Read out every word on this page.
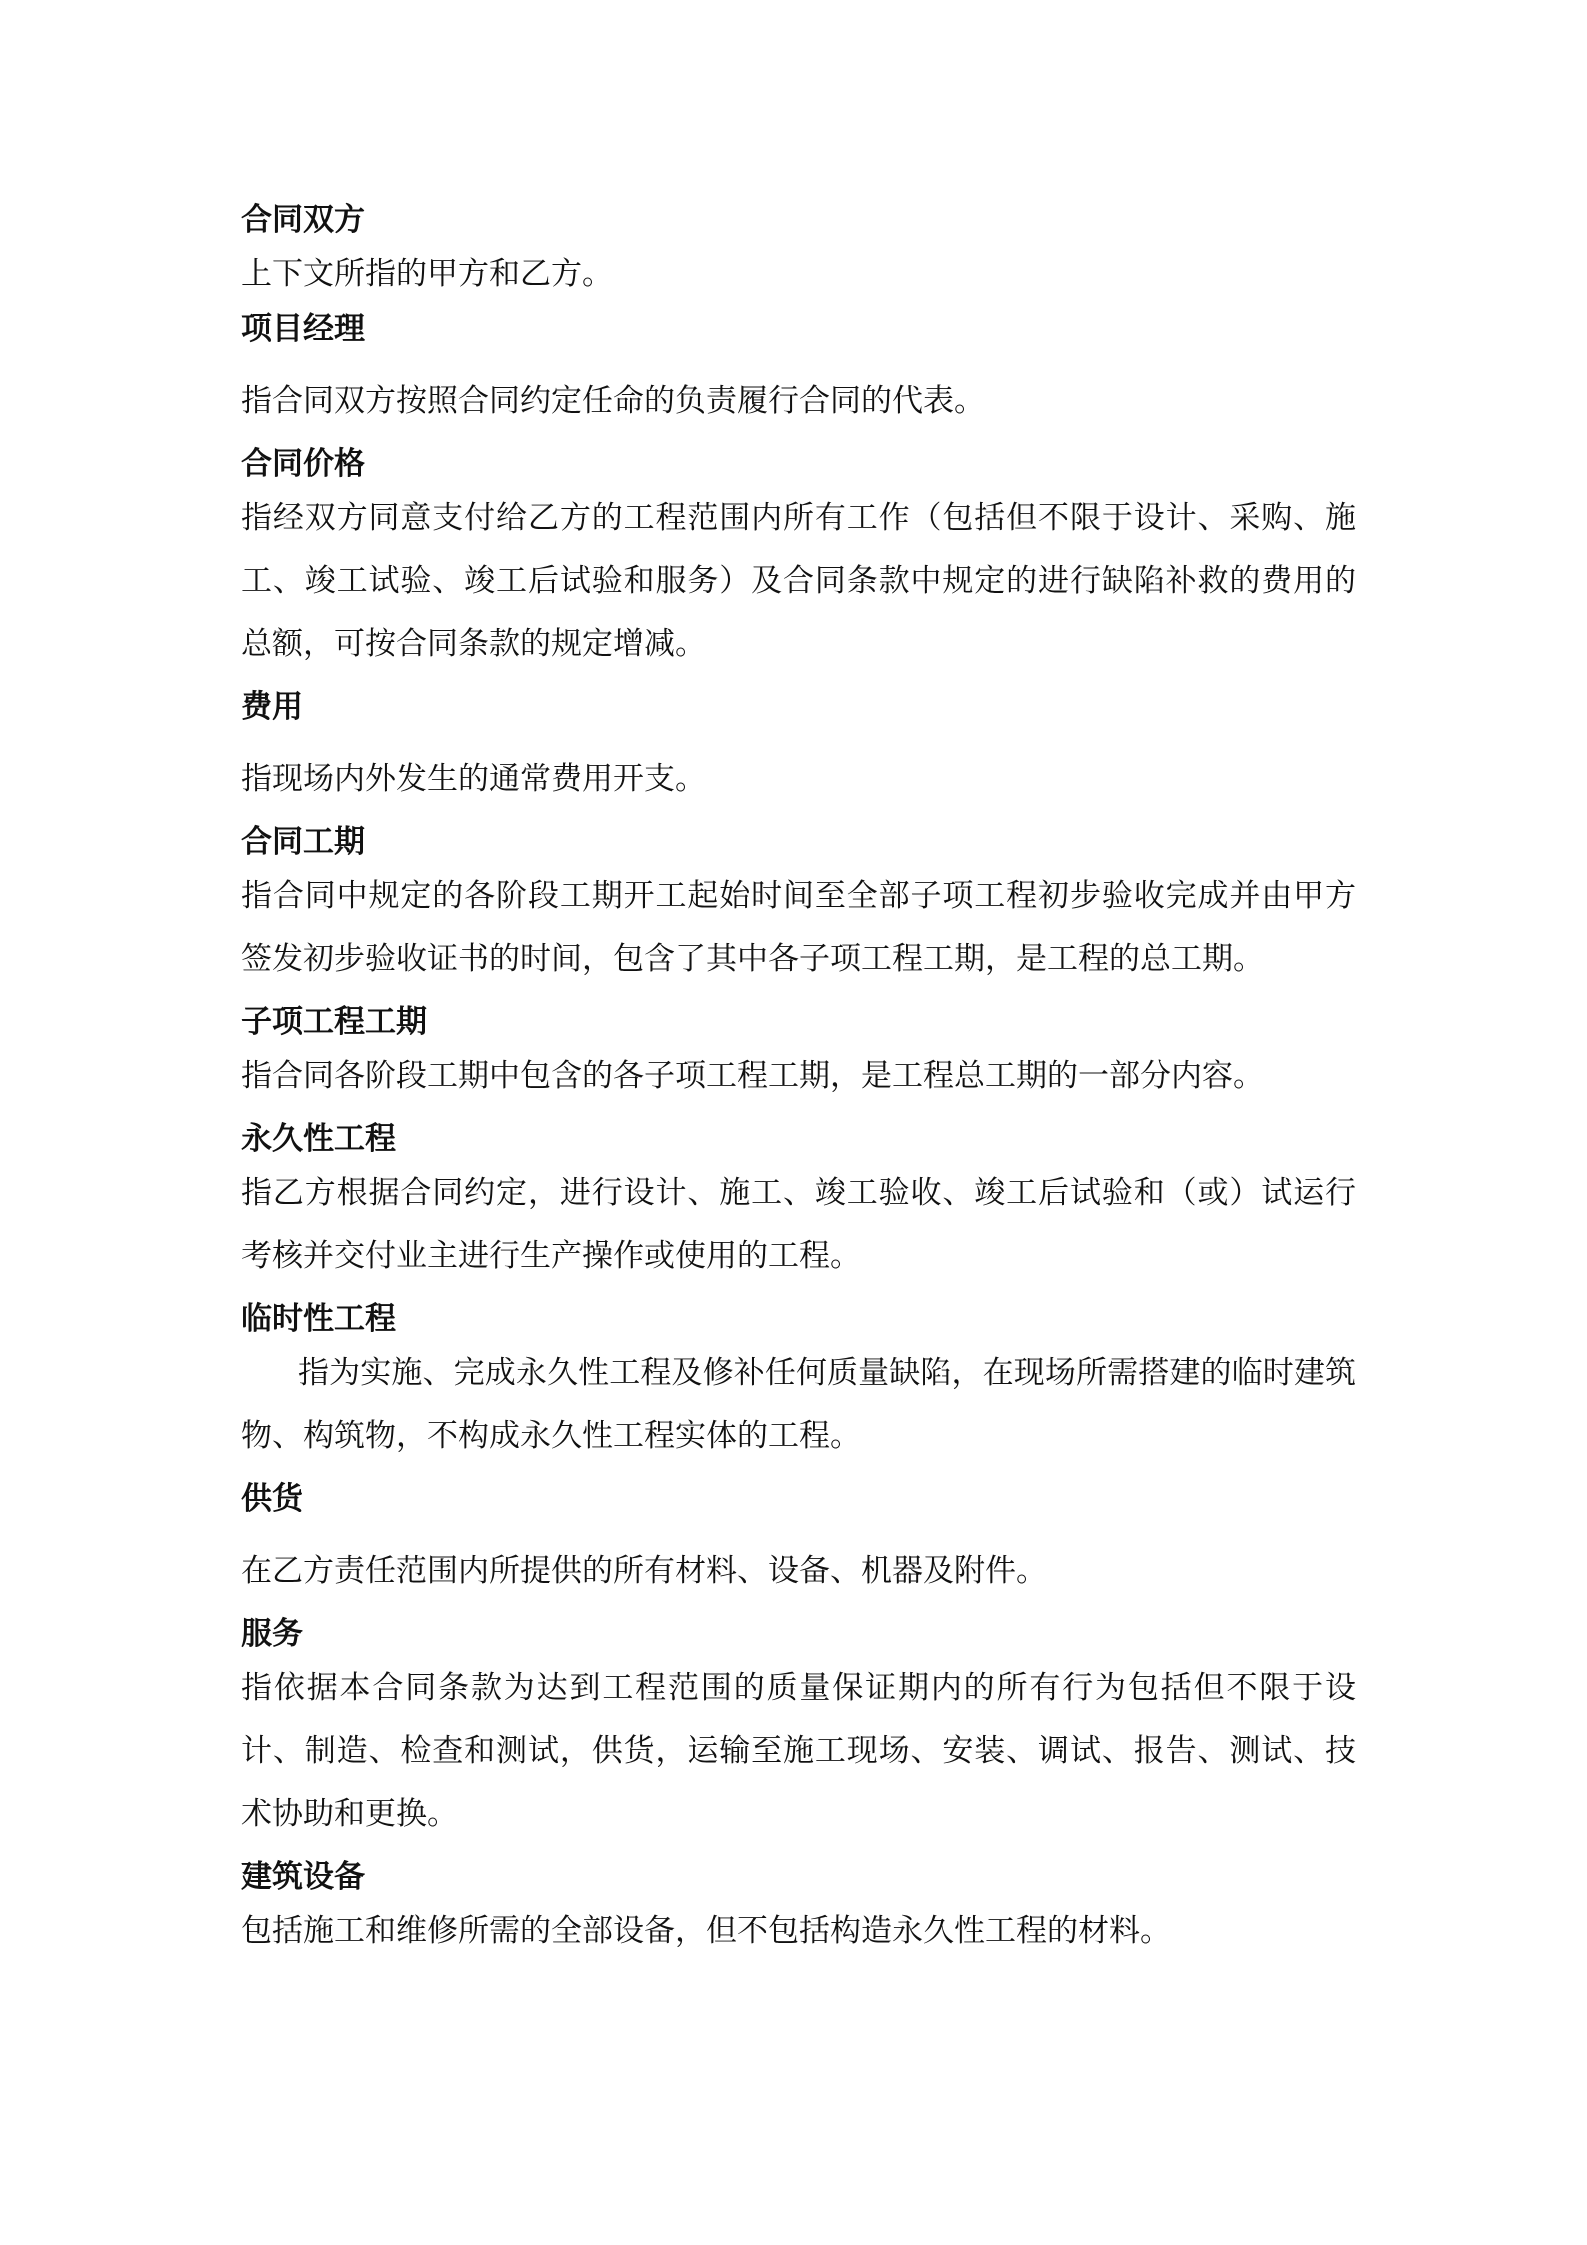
合同双方

上下文所指的甲方和乙方。

项目经理

指合同双方按照合同约定任命的负责履行合同的代表。

合同价格

指经双方同意支付给乙方的工程范围内所有工作（包括但不限于设计、采购、施工、竣工试验、竣工后试验和服务）及合同条款中规定的进行缺陷补救的费用的总额，可按合同条款的规定增减。

费用

指现场内外发生的通常费用开支。

合同工期

指合同中规定的各阶段工期开工起始时间至全部子项工程初步验收完成并由甲方签发初步验收证书的时间，包含了其中各子项工程工期，是工程的总工期。

子项工程工期

指合同各阶段工期中包含的各子项工程工期，是工程总工期的一部分内容。

永久性工程

指乙方根据合同约定，进行设计、施工、竣工验收、竣工后试验和（或）试运行考核并交付业主进行生产操作或使用的工程。

临时性工程

指为实施、完成永久性工程及修补任何质量缺陷，在现场所需搭建的临时建筑物、构筑物，不构成永久性工程实体的工程。

供货

在乙方责任范围内所提供的所有材料、设备、机器及附件。

服务

指依据本合同条款为达到工程范围的质量保证期内的所有行为包括但不限于设计、制造、检查和测试，供货，运输至施工现场、安装、调试、报告、测试、技术协助和更换。

建筑设备

包括施工和维修所需的全部设备，但不包括构造永久性工程的材料。
